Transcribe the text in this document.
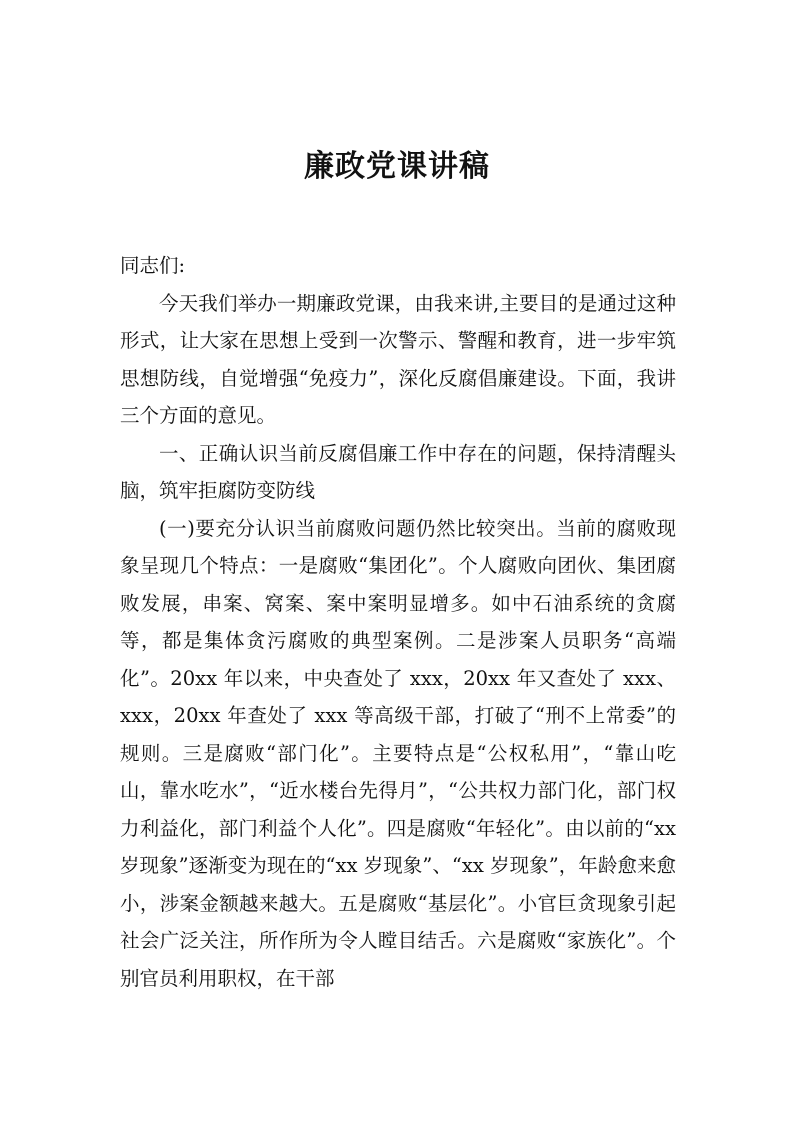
廉政党课讲稿

同志们:

今天我们举办一期廉政党课，由我来讲,主要目的是通过这种形式，让大家在思想上受到一次警示、警醒和教育，进一步牢筑思想防线，自觉增强“免疫力”，深化反腐倡廉建设。下面，我讲三个方面的意见。

一、正确认识当前反腐倡廉工作中存在的问题，保持清醒头脑，筑牢拒腐防变防线

(一)要充分认识当前腐败问题仍然比较突出。当前的腐败现象呈现几个特点：一是腐败“集团化”。个人腐败向团伙、集团腐败发展，串案、窝案、案中案明显增多。如中石油系统的贪腐等，都是集体贪污腐败的典型案例。二是涉案人员职务“高端化”。20xx 年以来，中央查处了 xxx，20xx 年又查处了 xxx、xxx，20xx 年查处了 xxx 等高级干部，打破了“刑不上常委”的规则。三是腐败“部门化”。主要特点是“公权私用”，“靠山吃山，靠水吃水”，“近水楼台先得月”，“公共权力部门化，部门权力利益化，部门利益个人化”。四是腐败“年轻化”。由以前的“xx 岁现象”逐渐变为现在的“xx 岁现象”、“xx 岁现象”，年龄愈来愈小，涉案金额越来越大。五是腐败“基层化”。小官巨贪现象引起社会广泛关注，所作所为令人瞠目结舌。六是腐败“家族化”。个别官员利用职权，在干部
